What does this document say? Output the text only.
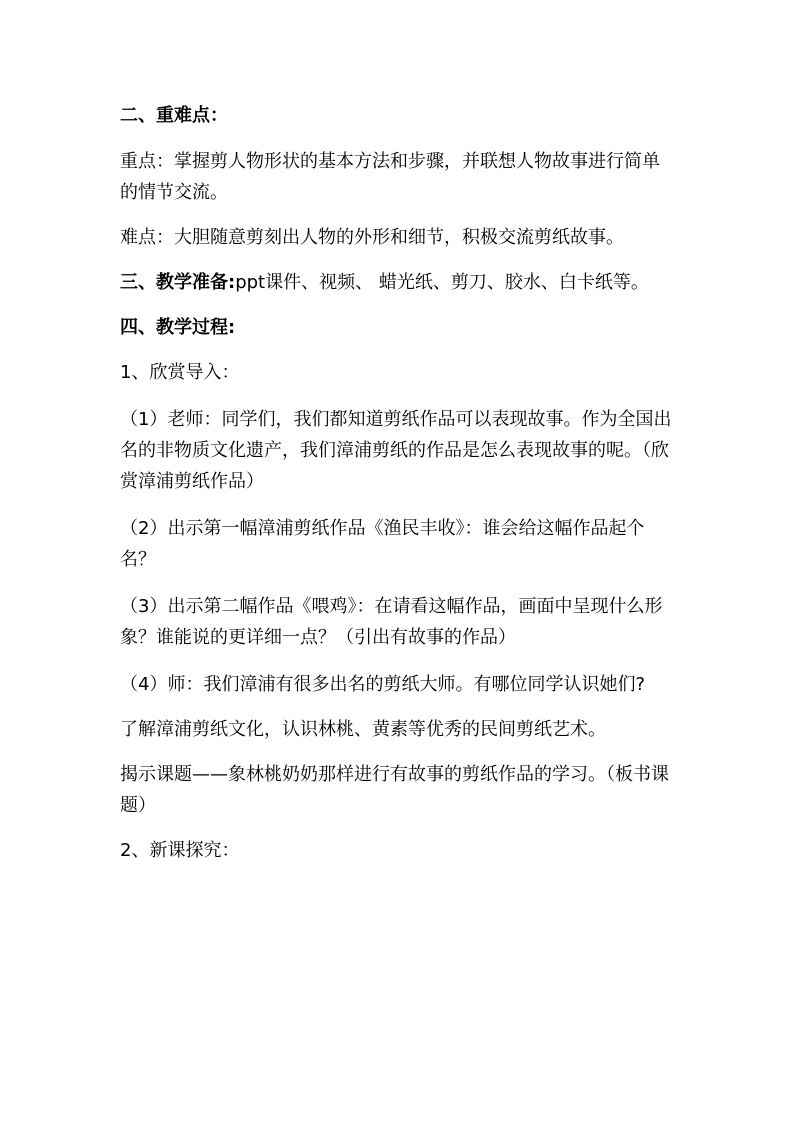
二、重难点：

重点：掌握剪人物形状的基本方法和步骤，并联想人物故事进行简单的情节交流。

难点：大胆随意剪刻出人物的外形和细节，积极交流剪纸故事。

三、教学准备:ppt课件、视频、 蜡光纸、剪刀、胶水、白卡纸等。

四、教学过程:

1、欣赏导入：

（1）老师：同学们，我们都知道剪纸作品可以表现故事。作为全国出名的非物质文化遗产，我们漳浦剪纸的作品是怎么表现故事的呢。（欣赏漳浦剪纸作品）

（2）出示第一幅漳浦剪纸作品《渔民丰收》：谁会给这幅作品起个名？

（3）出示第二幅作品《喂鸡》：在请看这幅作品，画面中呈现什么形象？谁能说的更详细一点？（引出有故事的作品）

（4）师：我们漳浦有很多出名的剪纸大师。有哪位同学认识她们?

了解漳浦剪纸文化，认识林桃、黄素等优秀的民间剪纸艺术。

揭示课题——象林桃奶奶那样进行有故事的剪纸作品的学习。（板书课题）

2、新课探究：
